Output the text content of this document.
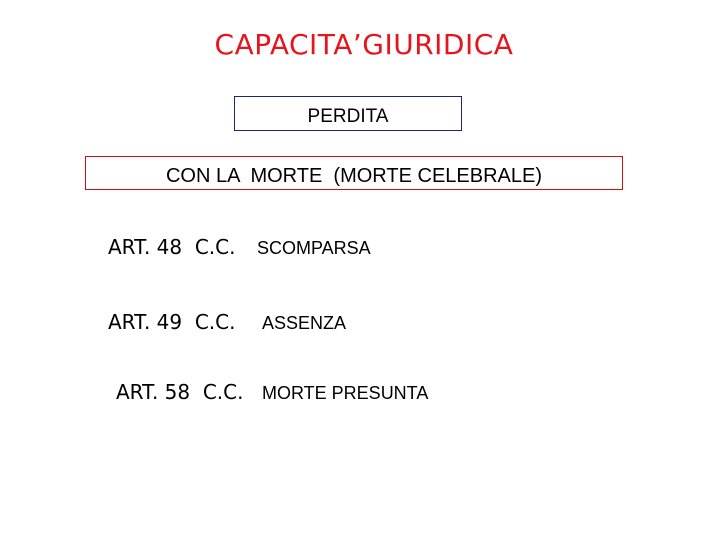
CAPACITA’GIURIDICA
PERDITA
CON LA  MORTE  (MORTE CELEBRALE)
ART. 48  C.C. SCOMPARSA
ART. 49  C.C. ASSENZA
ART. 58  C.C. MORTE PRESUNTA
